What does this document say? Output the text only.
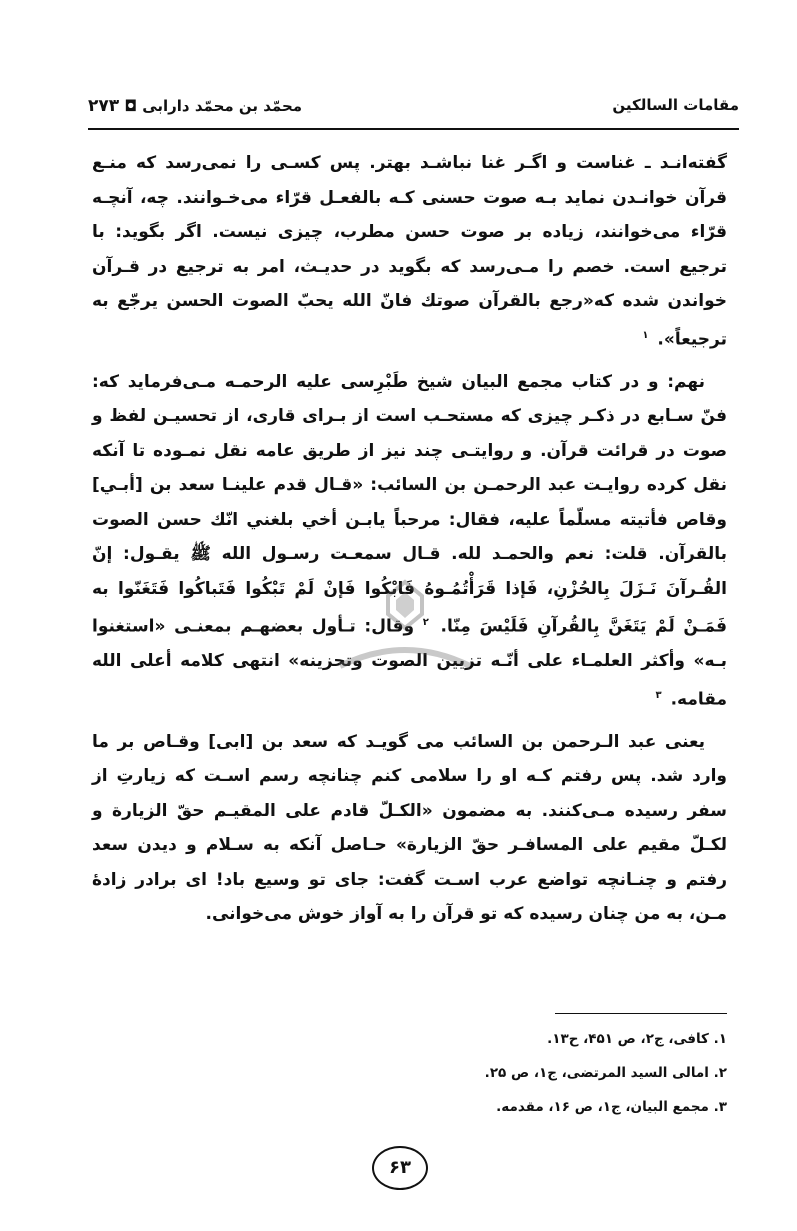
مقامات السالکین
محمّد بن محمّد دارابی ◘ ۲۷۳

گفته‌انـد ـ غناست و اگـر غنا نباشـد بهتر. پس کسـی را نمی‌رسد که منـع قرآن خوانـدن نماید بـه صوت حسنی کـه بالفعـل قرّاء می‌خـوانند. چه، آنچـه قرّاء می‌خوانند، زیاده بر صوت حسن مطرب، چیزی نیست. اگر بگوید: با ترجیع است. خصم را مـی‌رسد که بگوید در حدیـث، امر به ترجیع در قـرآن خواندن شده که«رجع بالقرآن صوتك فانّ الله يحبّ الصوت الحسن يرجّع به ترجيعاً». $^۱$

نهم: و در کتاب مجمع البيان شيخ طَبْرِسی علیه الرحمـه مـی‌فرماید که: فنّ سـابع در ذکـر چیزی که مستحـب است از بـرای قاری، از تحسیـن لفظ و صوت در قرائت قرآن. و روایتـی چند نیز از طریق عامه نقل نمـوده تا آنکه نقل کرده روایـت عبد الرحمـن بن السائب: «قـال قدم علينـا سعد بن [أبـي] وقاص فأتيته مسلّماً عليه، فقال: مرحباً يابـن أخي بلغني انّك حسن الصوت بالقرآن. قلت: نعم والحمـد لله. قـال سمعـت رسـول الله ﷺ يقـول: إنّ القُـرآنَ نَـزَلَ بِالحُزْنِ، فَإذا قَرَأْتُمُـوهُ فَابْكُوا فَإنْ لَمْ تَبْكُوا فَتَباكُوا فَتَغَنّوا به فَمَـنْ لَمْ يَتَغَنَّ بِالقُرآنِ فَلَيْسَ مِنّا. $^۲$ وقال: تـأول بعضهـم بمعنـی «استغنوا بـه» وأكثر العلمـاء على أنّـه تزيين الصوت وتحزينه» انتهى كلامه أعلى الله مقامه. $^۳$

یعنی عبد الـرحمن بن السائب می گویـد که سعد بن [ابی] وقـاص بر ما وارد شد. پس رفتم کـه او را سلامی کنم چنانچه رسم اسـت که زیارتِ از سفر رسیده مـی‌کنند. به مضمون «الكـلّ قادم على المقيـم حقّ الزيارة و لكـلّ مقيم على المسافـر حقّ الزيارة» حـاصل آنکه به سـلام و دیدن سعد رفتم و چنـانچه تواضع عرب اسـت گفت: جای تو وسیع باد! ای برادر زادهٔ مـن، به من چنان رسیده که تو قرآن را به آواز خوش می‌خوانی.

۱. کافی، ج۲، ص ۴۵۱، ح۱۳.
۲. امالی السید المرتضی، ج۱، ص ۲۵.
۳. مجمع البیان، ج۱، ص ۱۶، مقدمه.
۶۳
